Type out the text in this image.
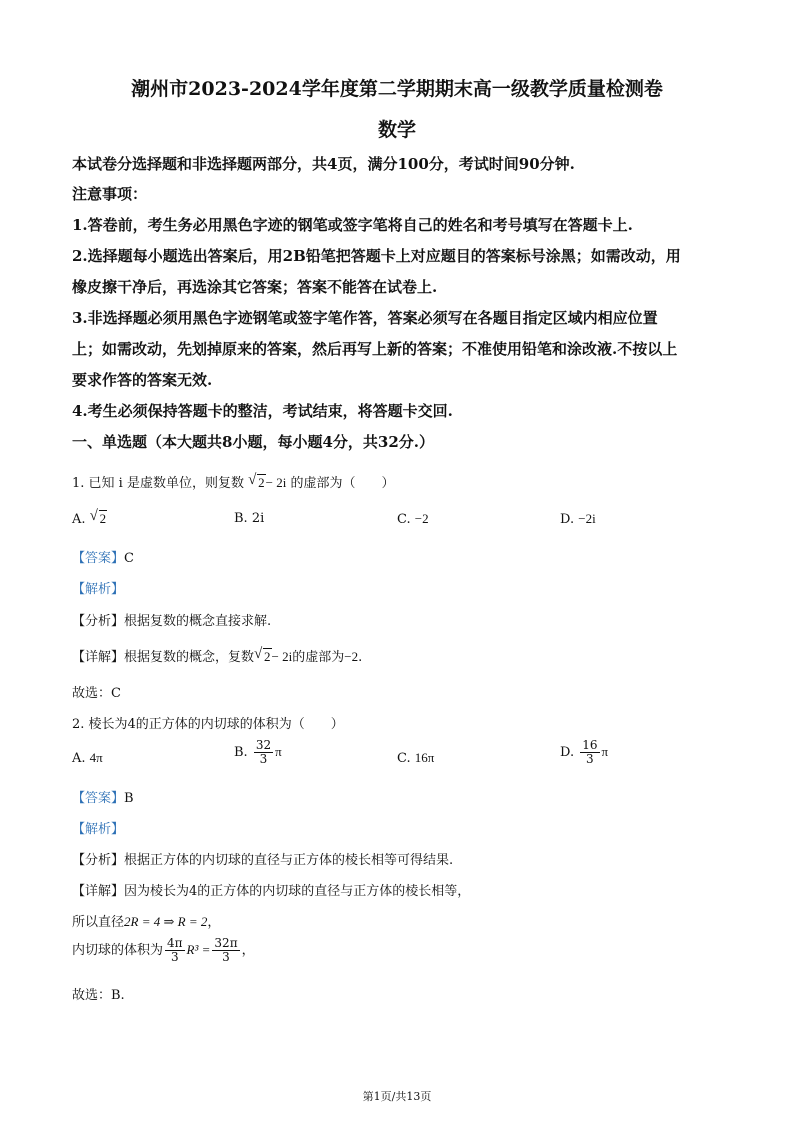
潮州市2023-2024学年度第二学期期末高一级教学质量检测卷
数学
本试卷分选择题和非选择题两部分，共4页，满分100分，考试时间90分钟.
注意事项：
1.答卷前，考生务必用黑色字迹的钢笔或签字笔将自己的姓名和考号填写在答题卡上.
2.选择题每小题选出答案后，用2B铅笔把答题卡上对应题目的答案标号涂黑；如需改动，用
橡皮擦干净后，再选涂其它答案；答案不能答在试卷上.
3.非选择题必须用黑色字迹钢笔或签字笔作答，答案必须写在各题目指定区域内相应位置
上；如需改动，先划掉原来的答案，然后再写上新的答案；不准使用铅笔和涂改液.不按以上
要求作答的答案无效.
4.考生必须保持答题卡的整洁，考试结束，将答题卡交回.
一、单选题（本大题共8小题，每小题4分，共32分.）
1. 已知 i 是虚数单位，则复数 √ 2− 2i 的虚部为（　　）
A. √ 2	B. 2i	C. −2	D. −2i
【答案】C
【解析】
【分析】根据复数的概念直接求解.
【详解】根据复数的概念，复数 √ 2− 2i的虚部为−2.
故选：C
2. 棱长为4的正方体的内切球的体积为（　　）
A. 4π	B. $\frac{32}{3}$ π	C. 16π	D. $\frac{16}{3}$ π
【答案】B
【解析】
【分析】根据正方体的内切球的直径与正方体的棱长相等可得结果.
【详解】因为棱长为4的正方体的内切球的直径与正方体的棱长相等，
所以直径2R = 4 ⇒ R = 2，
内切球的体积为 $\frac{4\pi}{3} R^3 = \frac{32\pi}{3}$ ，
故选：B.
第1页/共13页
